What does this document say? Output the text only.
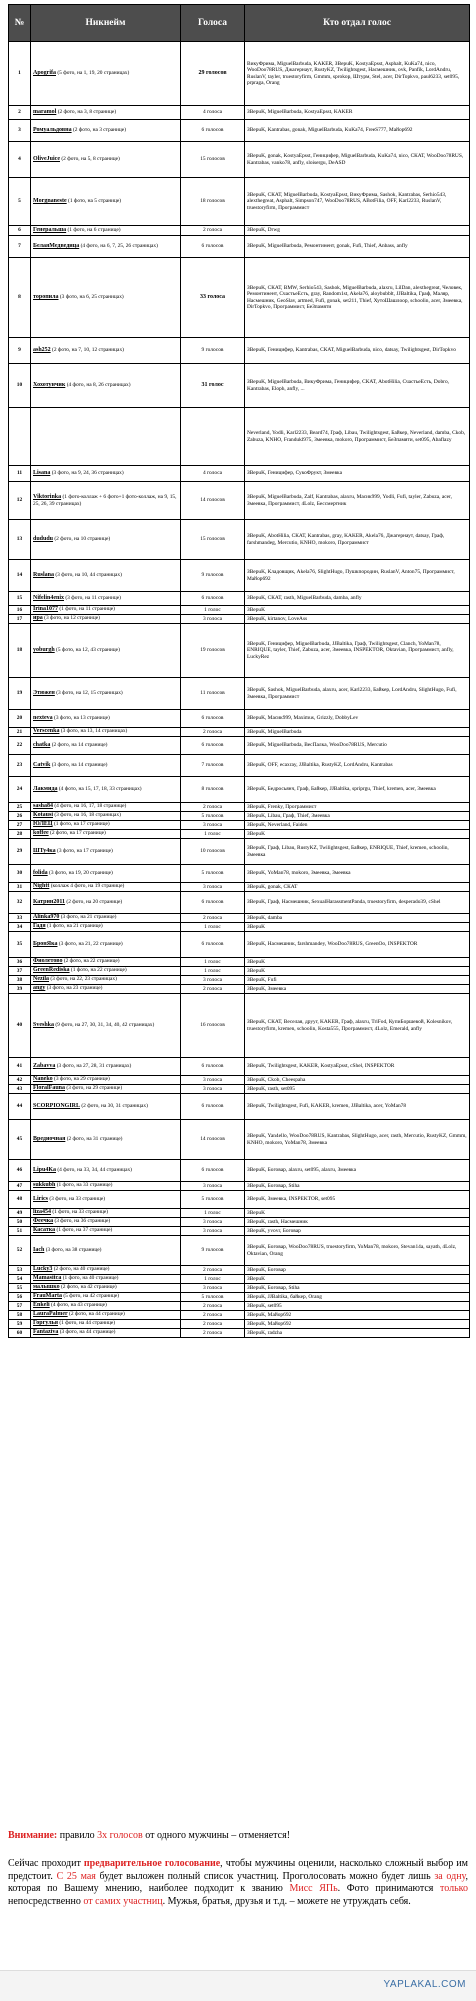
№	Никнейм	Голоса	Кто отдал голос
1	Apogrifa (5 фото, на 1, 19, 20 страницах)	29 голосов	ВикуФрима, MiguelBarbuda, KAKER, ЗВерuK, KostyaEpsst, Asphalt, KuKa74, nico, WooDoo78RUS, Джагернаут, RustyKZ, Twilightsgest, Насмешник, ovk, Panfik, LordAndru, RuslanV, tayler, truestoryfirm, Gmmm, sprokop, Штурм, Stel, acer, DirTopkvo, paul6233, set095, prpraga, Orang
2	maramol (2 фото, на 3, 8 странице)	4 голоса	ЗВерuK, MiguelBarbuda, KostyaEpsst, KAKER
3	Ромуальдовна (2 фото, на 3 странице)	6 голосов	ЗВерuK, Kantrabas, gonak, MiguelBarbuda, KuKa74, FreeS777, Майор692
4	OliveJuice (2 фото, на 5, 8 странице)	15 голосов	ЗВерuK, gonak, KostyaEpsst, Геницифер, MiguelBarbuda, KuKa74, nico, СКАТ, WooDoo78RUS, Kantrabas, vanko78, anfly, sloisergu, DeASD
5	Morgnaneste (1 фото, на 5 странице)	18 голосов	ЗВерuK, СКАТ, MiguelBarbuda, KostyaEpsst, ВикуФрима, Sashok, Kantrabas, Serhio543, alexthegreat, Asphalt, Simpson747, WooDoo78RUS, ABotFilia, OFF, Karl2233, RuslanV, truestoryfirm, Программист
6	Генеральша (1 фото, на 6 странице)	2 голоса	ЗВерuK, Drwg
7	БелаяМедведица (4 фото, на 6, 7, 25, 26 страницах)	6 голосов	ЗВерuK, MiguelBarbuda, Ремонтинент, gonak, Fufi, Thief, Anbass, anfly
8	торопила (3 фото, на 6, 25 страницах)	33 голоса	ЗВерuK, СКАТ, BMW, Serhio543, Sashok, MiguelBarbuda, alaxru, LilDan, alexthegreat, Человек, Ремонтинент, СчастьеЕсть, gray, Random1st, Akela76, aloybubblt, JJBaltika, Граф, Маляр, Насмешник, GeoSlav, artmed, Fufi, gonak, set211, Thief, ХутоШашлоор, schoolin, acer, Змеевкa, DirTopkvo, Программист, БеЗпамяти
9	ash252 (2 фото, на 7, 10, 12 страницах)	9 голосов	ЗВерuK, Геницифер, Kantrabas, СКАТ, MiguelBarbuda, nico, datsay, Twilightsgest, DirTopkvo
10	Хохотунчик (4 фото, на 8, 26 страницах)	31 голос	ЗВерuK, MiguelBarbuda, ВикуФрима, Геницифер, СКАТ, AbotHilia, СчастьеЕсть, Dobro, Kantrabas, Eloph, anfly, ...
			Neverland, Yodli, Karl2233, Beard74, Граф, Libau, Twilightsgest, Байкер, Neverland, damba, Ckob, Zabuza, KNHO, Frandukl975, Змеевкa, mokoro, Программист, БеЗпамяти, set095, Abaflazy
11	Lisana (3 фото, на 9, 24, 36 страницах)	4 голоса	ЗВерuK, Геницифер, СукоФрукт, Змеевкa
12	Viktorinka (1 фото-коллаж + 6 фото+1 фото-коллаж, на 9, 15, 25, 26, 39 страницах)	14 голосов	ЗВерuK, MiguelBarbuda, Zalf, Kantrabas, alaxru, Масик999, Yodli, Fufi, tayler, Zabuza, acer, Змеевкa, Программист, 4Lolz, Бессмертник
13	dududu (2 фото, на 10 странице)	15 голосов	ЗВерuK, AbotHilia, СКАТ, Kantrabas, gray, KAKER, Akela76, Джагернаут, datsay, Граф, farshmandeg, Mercutio, KNHO, mokoro, Программист
14	Ruslana (3 фото, на 10, 44 страницах)	9 голосов	ЗВерuK, Кладовщик, Akela76, SlightHugo, Пушкпородин, RuslanV, Anton75, Программист, Майор692
15	Nifelin4enix (3 фото, на 11 странице)	6 голосов	ЗВерuK, СКАТ, rasth, MiguelBarbuda, damba, anfly
16	Irina1077 (1 фото, на 11 странице)	1 голос	ЗВерuK
17	ира (3 фото, на 12 странице)	3 голоса	ЗВерuK, kirtanov, LoveAss
18	yoburgh (5 фото, на 12, 43 странице)	19 голосов	ЗВерuK, Геницифер, MiguelBarbuda, JJBaltika, Граф, Twilightsgest, Clanch, YoMan78, ENRIQUE, tayler, Thief, Zabuza, acer, Змеевкa, INSPEKTOR, Oktavian, Программист, anfly, LuckyRez
19	Этюжен (3 фото, на 12, 15 страницах)	11 голосов	ЗВерuK, Sashok, MiguelBarbuda, alaxru, acer, Karl2233, Байкер, LordAndru, SlightHugo, Fufi, Змеевкa, Программист
20	nexteva (3 фото, на 13 странице)	6 голосов	ЗВерuK, Масик999, Maximus, Grizzly, DobbyLev
21	Verscenka (3 фото, на 13, 14 страницах)	2 голоса	ЗВерuK, MiguelBarbuda
22	chatka (2 фото, на 14 странице)	6 голосов	ЗВерuK, MiguelBarbuda, BecПалкa, WooDoo78RUS, Mercutio
23	Catvik (3 фото, на 14 странице)	7 голосов	ЗВерuK, OFF, ecaxray, JJBaltika, RustyKZ, LordAndru, Kantrabas
24	Лакмида (4 фото, на 15, 17, 18, 33 страницах)	8 голосов	ЗВерuK, Бедросьянч, Граф, Байкер, JJBaltika, spriprgu, Thief, kremen, acer, Змеевкa
25	sasha84 (4 фото, на 16, 17, 18 странице)	2 голоса	ЗВерuK, Frenky, Программист
26	Kotausi (3 фото, на 16, 18 страницах)	5 голосов	ЗВерuK, Libau, Граф, Thief, Змеевкa
27	ЮЛЕЦ (1 фото, на 17 странице)	3 голоса	ЗВерuK, Neverland, Faiden
28	koffee (2 фото, на 17 странице)	1 голос	ЗВерuK
29	ШТу4ка (3 фото, на 17 странице)	10 голосов	ЗВерuK, Граф, Libau, RustyKZ, Twilightsgest, Байкер, ENRIQUE, Thief, kremen, schoolin, Змеевкa
30	folida (3 фото, на 19, 20 странице)	5 голосов	ЗВерuK, YoMan78, mokoro, Змеевкa, Змеевкa
31	Nightt (коллаж 4 фото, на 19 странице)	3 голоса	ЗВерuK, gonak, СКАТ
32	Катрин2011 (2 фото, на 20 странице)	6 голосов	ЗВерuK, Граф, Насмешник, SexualHarassmentPanda, truestoryfirm, desperado39, cShel
33	Alinka970 (3 фото, на 21 странице)	2 голоса	ЗВерuK, damba
34	Гадя (1 фото, на 21 странице)	1 голос	ЗВерuK
35	БронЯка (3 фото, на 21, 22 странице)	6 голосов	ЗВерuK, Насмешник, farshmandey, WooDoo78RUS, GreenOo, INSPEKTOR
36	Фиолетово (2 фото, на 22 странице)	1 голос	ЗВерuK
37	GreenRediska (1 фото, на 22 странице)	1 голос	ЗВерuK
38	Nezila (3 фото, на 22, 23 страницах)	3 голоса	ЗВерuK, Fufi
39	angy (3 фото, на 23 странице)	2 голоса	ЗВерuK, Змеевкa
40	Sveshka (9 фото, на 27, 30, 31, 34, 40, 42 страницах)	16 голосов	ЗВерuK, СКАТ, Веселая, друуг, KAKER, Граф, alaxru, TriFod, КупиБоршевой, Kolesnikov, truestoryfirm, kremen, schoolin, Kosta555, Программист, 4Lolz, Emerald, anfly
41	Zabavva (3 фото, на 27, 28, 31 страницах)	6 голосов	ЗВерuK, Twilightsgest, KAKER, KostyaEpsst, cShel, INSPEKTOR
42	Naneko (3 фото, на 29 странице)	3 голоса	ЗВерuK, Ckob, Cheespaha
43	FloralFauna (3 фото, на 29 странице)	3 голоса	ЗВерuK, rasth, set095
44	SCORPIONGIRL (2 фото, на 30, 31 страницах)	6 голосов	ЗВерuK, Twilightsgest, Fufi, KAKER, kremen, JJBaltika, acer, YoMan78
45	Вредиочная (2 фото, на 31 странице)	14 голосов	ЗВерuK, Yan4ello, WooDoo78RUS, Kantrabas, SlightHugo, acer, rasth, Mercutio, RustyKZ, Gmmm, KNHO, mokoro, YoMan78, Змеевкa
46	Lipu4Ka (4 фото, на 33, 34, 44 страницах)	6 голосов	ЗВерuK, Боговар, alaxru, set095, alaxru, Змеевкa
47	sukkubh (1 фото, на 33 странице)	3 голоса	ЗВерuK, Боговар, Stiha
48	Lirics (3 фото, на 33 странице)	5 голосов	ЗВерuK, Змеевкa, INSPEKTOR, set095
49	liza454 (1 фото, на 33 странице)	1 голос	ЗВерuK
50	Феечка (3 фото, на 36 странице)	3 голоса	ЗВерuK, rasth, Насмешник
51	Касатка (1 фото, на 37 странице)	3 голоса	ЗВерuK, yvovr, Боговар
52	Iach (3 фото, на 38 странице)	9 голосов	ЗВерuK, Боговар, WooDoo78RUS, truestoryfirm, YoMan78, mokoro, Stevan14a, sayath, 4Lolz, Oktavian, Orang
53	Lucky3 (2 фото, на 40 странице)	2 голоса	ЗВерuK, Боговар
54	Mamasitca (1 фото, на 40 странице)	1 голос	ЗВерuK
55	малышко (2 фото, на 42 странице)	3 голоса	ЗВерuK, Боговар, Stiha
56	FrauMarta (5 фото, на 42 странице)	5 голосов	ЗВерuK, JJBaltika, байкер, Orang
57	Enkeli (4 фото, на 43 странице)	2 голоса	ЗВерuK, set095
58	LauraPalmer (2 фото, на 44 странице)	2 голоса	ЗВерuK, Майор692
59	Горгулья (1 фото, на 44 странице)	2 голоса	ЗВерuK, Майор692
60	Fantaziva (3 фото, на 44 странице)	2 голоса	ЗВерuK, radzha
Внимание: правило 3х голосов от одного мужчины – отменяется!
Сейчас проходит предварительное голосование, чтобы мужчины оценили, насколько сложный выбор им предстоит. С 25 мая будет выложен полный список участниц. Проголосовать можно будет лишь за одну, которая по Вашему мнению, наиболее подходит к званию Мисс ЯПь. Фото принимаются только непосредственно от самих участниц. Мужья, братья, друзья и т.д. – можете не утруждать себя.
YAPLAKAL.COM
